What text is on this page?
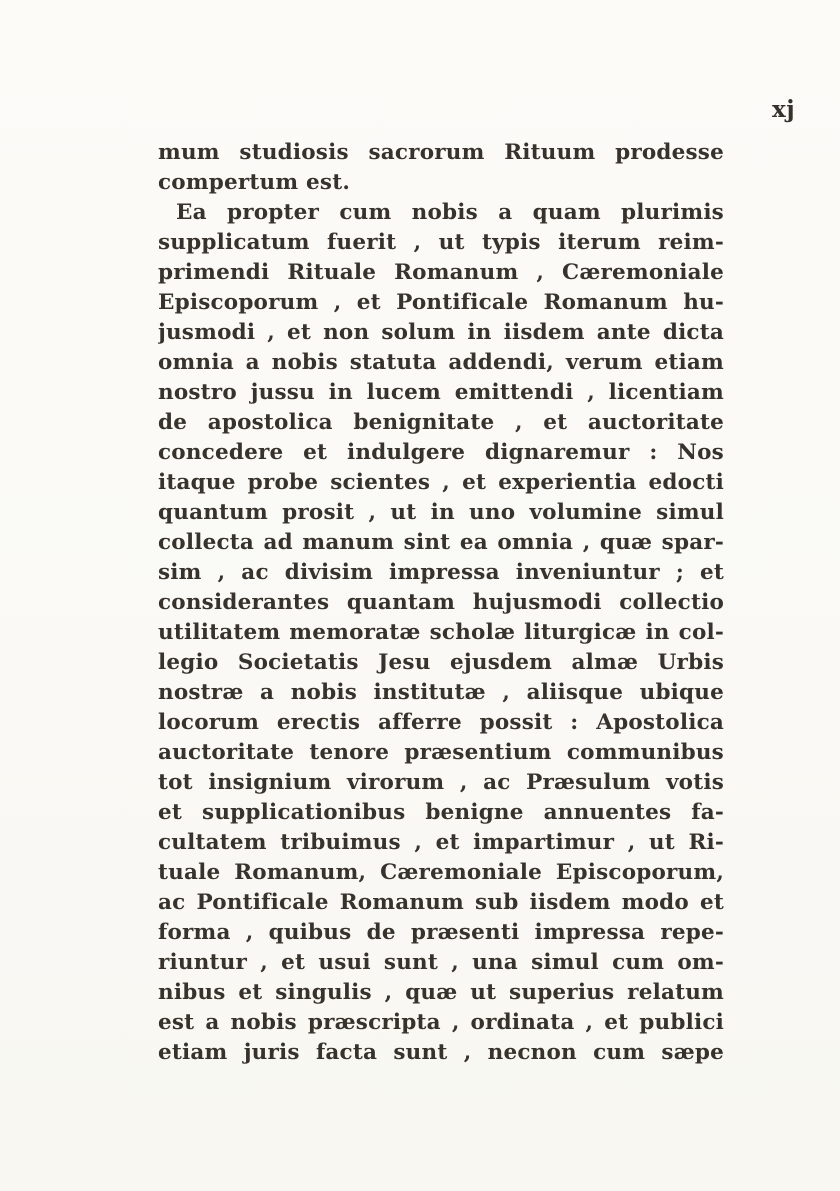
xj
mum studiosis sacrorum Rituum prodesse
compertum est.
Ea propter cum nobis a quam plurimis
supplicatum fuerit , ut typis iterum reim-
primendi Rituale Romanum , Cæremoniale
Episcoporum , et Pontificale Romanum hu-
jusmodi , et non solum in iisdem ante dicta
omnia a nobis statuta addendi, verum etiam
nostro jussu in lucem emittendi , licentiam
de apostolica benignitate , et auctoritate
concedere et indulgere dignaremur : Nos
itaque probe scientes , et experientia edocti
quantum prosit , ut in uno volumine simul
collecta ad manum sint ea omnia , quæ spar-
sim , ac divisim impressa inveniuntur ; et
considerantes quantam hujusmodi collectio
utilitatem memoratæ scholæ liturgicæ in col-
legio Societatis Jesu ejusdem almæ Urbis
nostræ a nobis institutæ , aliisque ubique
locorum erectis afferre possit : Apostolica
auctoritate tenore præsentium communibus
tot insignium virorum , ac Præsulum votis
et supplicationibus benigne annuentes fa-
cultatem tribuimus , et impartimur , ut Ri-
tuale Romanum, Cæremoniale Episcoporum,
ac Pontificale Romanum sub iisdem modo et
forma , quibus de præsenti impressa repe-
riuntur , et usui sunt , una simul cum om-
nibus et singulis , quæ ut superius relatum
est a nobis præscripta , ordinata , et publici
etiam juris facta sunt , necnon cum sæpe
